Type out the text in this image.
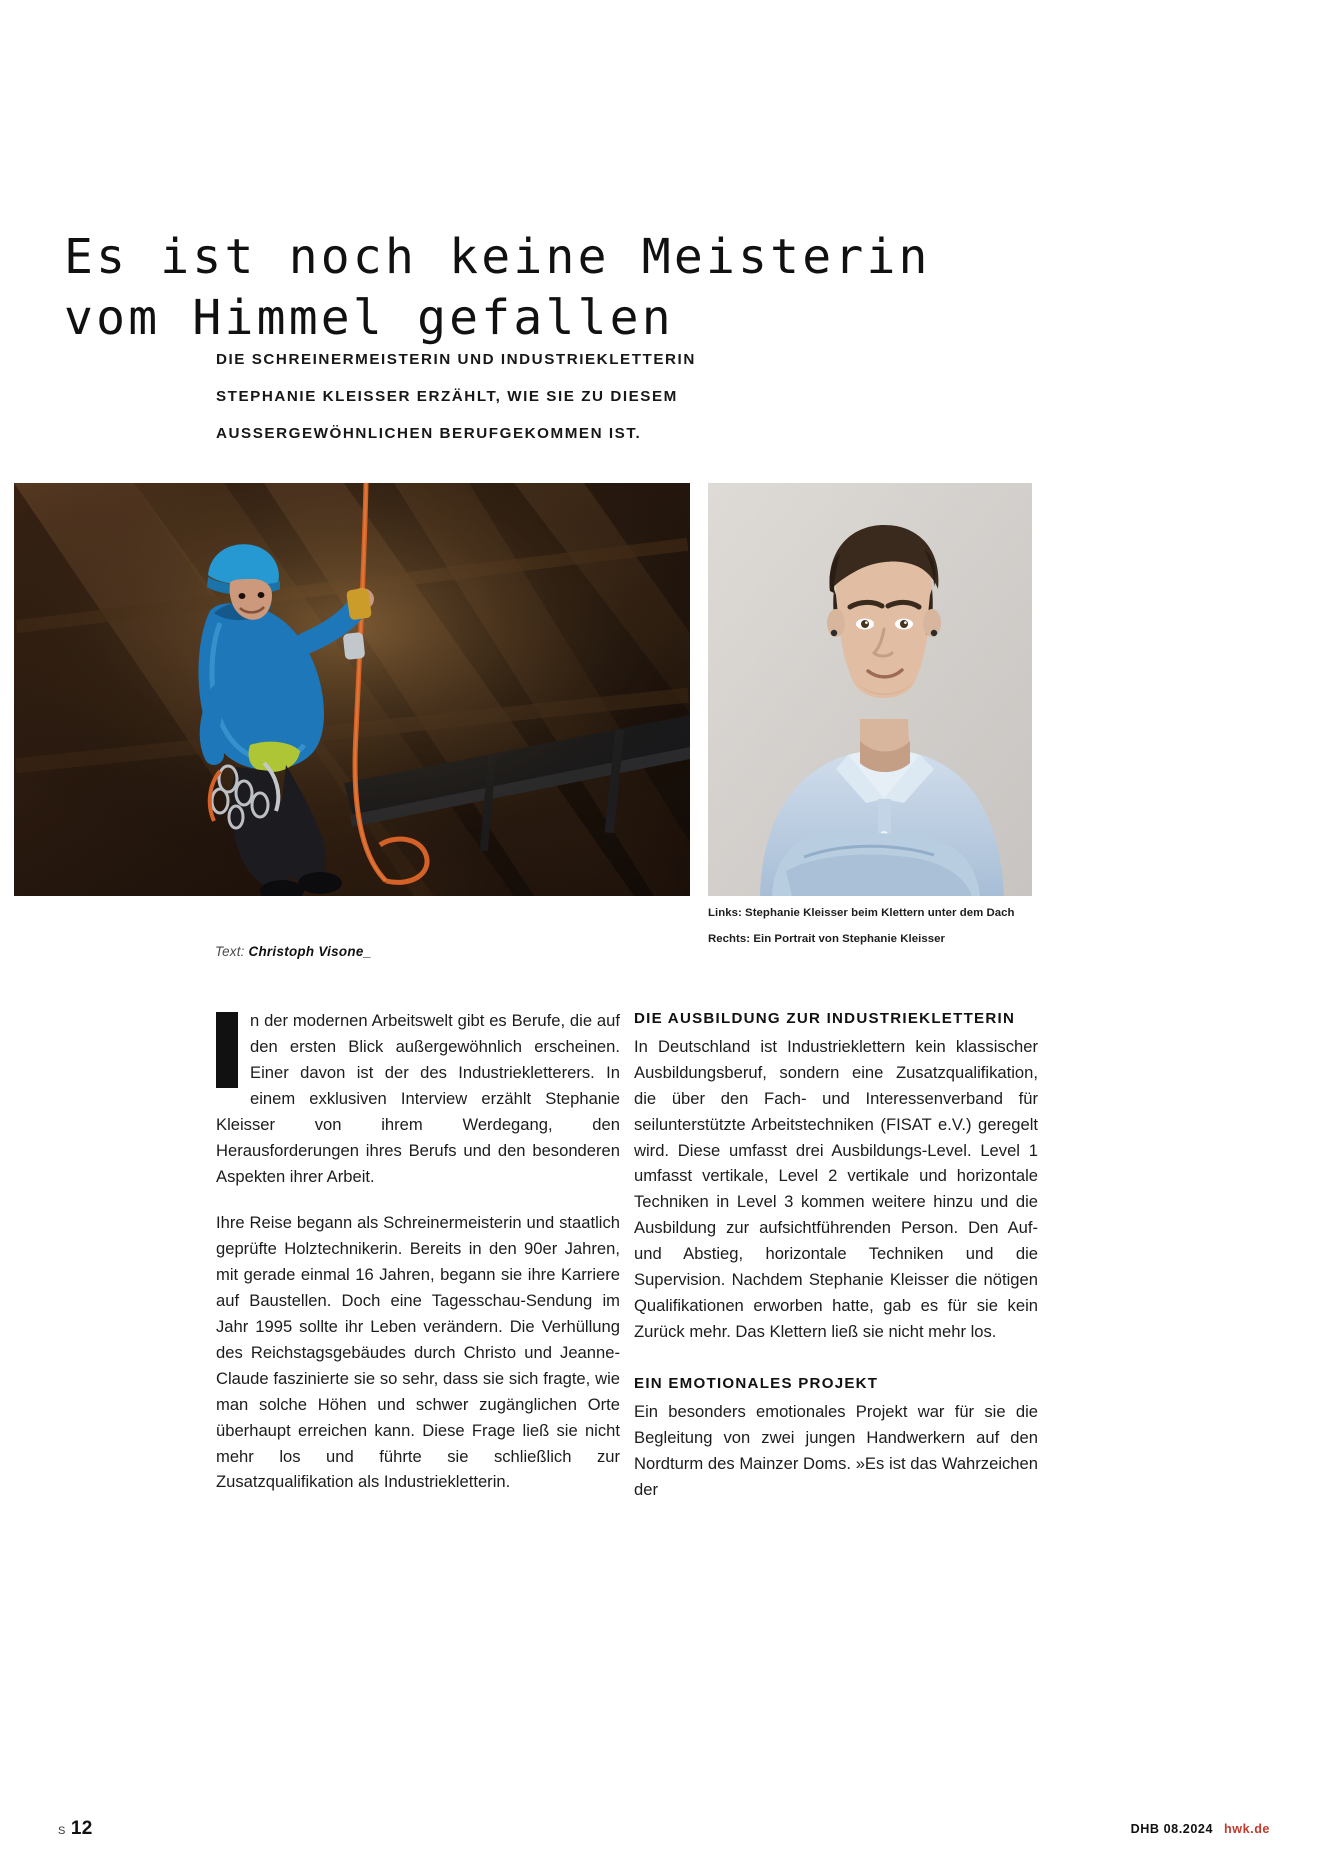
Es ist noch keine Meisterin
vom Himmel gefallen
DIE SCHREINERMEISTERIN UND INDUSTRIEKLETTERIN
STEPHANIE KLEISSER ERZÄHLT, WIE SIE ZU DIESEM
AUSSERGEWÖHNLICHEN BERUFGEKOMMEN IST.
Links: Stephanie Kleisser beim Klettern unter dem Dach
Rechts: Ein Portrait von Stephanie Kleisser
Text: Christoph Visone_

n der modernen Arbeitswelt gibt es Berufe, die auf den ersten Blick außergewöhnlich erscheinen. Einer davon ist der des Industriekletterers. In einem exklusiven Interview erzählt Stephanie Kleisser von ihrem Werdegang, den Herausforderungen ihres Berufs und den besonderen Aspekten ihrer Arbeit.

Ihre Reise begann als Schreinermeisterin und staatlich geprüfte Holztechnikerin. Bereits in den 90er Jahren, mit gerade einmal 16 Jahren, begann sie ihre Karriere auf Baustellen. Doch eine Tagesschau-Sendung im Jahr 1995 sollte ihr Leben verändern. Die Verhüllung des Reichstagsgebäudes durch Christo und Jeanne-Claude faszinierte sie so sehr, dass sie sich fragte, wie man solche Höhen und schwer zugänglichen Orte überhaupt erreichen kann. Diese Frage ließ sie nicht mehr los und führte sie schließlich zur Zusatzqualifikation als Industriekletterin.

DIE AUSBILDUNG ZUR INDUSTRIEKLETTERIN

In Deutschland ist Industrieklettern kein klassischer Ausbildungsberuf, sondern eine Zusatzqualifikation, die über den Fach- und Interessenverband für seilunterstützte Arbeitstechniken (FISAT e.V.) geregelt wird. Diese umfasst drei Ausbildungs-Level. Level 1 umfasst vertikale, Level 2 vertikale und horizontale Techniken in Level 3 kommen weitere hinzu und die Ausbildung zur aufsichtführenden Person. Den Auf- und Abstieg, horizontale Techniken und die Supervision. Nachdem Stephanie Kleisser die nötigen Qualifikationen erworben hatte, gab es für sie kein Zurück mehr. Das Klettern ließ sie nicht mehr los.

EIN EMOTIONALES PROJEKT

Ein besonders emotionales Projekt war für sie die Begleitung von zwei jungen Handwerkern auf den Nordturm des Mainzer Doms. »Es ist das Wahrzeichen der

S 12	DHB 08.2024 hwk.de
